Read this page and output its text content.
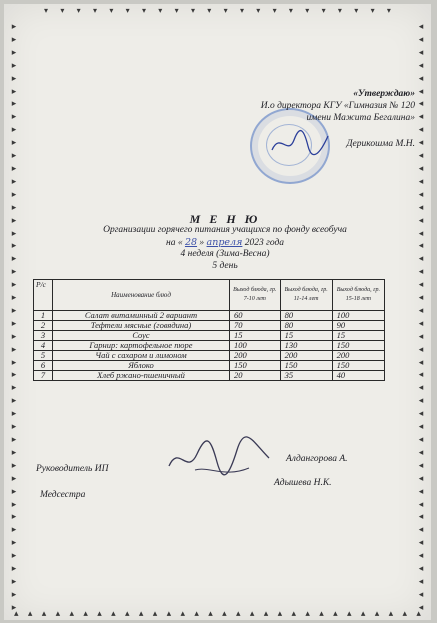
▾ ▾ ▾ ▾ ▾ ▾ ▾ ▾ ▾ ▾ ▾ ▾ ▾ ▾ ▾ ▾ ▾ ▾ ▾ ▾ ▾ ▾
▸
▸
▸
▸
▸
▸
▸
▸
▸
▸
▸
▸
▸
▸
▸
▸
▸
▸
▸
▸
▸
▸
▸
▸
▸
▸
▸
▸
▸
▸
▸
▸
▸
▸
▸
▸
▸
▸
▸
▸
▸
▸
▸
▸
▸
▸
◂
◂
◂
◂
◂
◂
◂
◂
◂
◂
◂
◂
◂
◂
◂
◂
◂
◂
◂
◂
◂
◂
◂
◂
◂
◂
◂
◂
◂
◂
◂
◂
◂
◂
◂
◂
◂
◂
◂
◂
◂
◂
◂
◂
◂
◂
▴ ▴ ▴ ▴ ▴ ▴ ▴ ▴ ▴ ▴ ▴ ▴ ▴ ▴ ▴ ▴ ▴ ▴ ▴ ▴ ▴ ▴ ▴ ▴ ▴ ▴ ▴ ▴ ▴ ▴
«Утверждаю»
И.о директора КГУ «Гимназия № 120
имени Мажита Бегалина»
Дерикошма М.Н.
М Е Н Ю
Организации горячего питания учащихся по фонду всеобуча
на « 28 » апреля 2023 года
4 неделя (Зима-Весна)
5 день
Р/с	Наименование блюд	Выход блюда, гр. 7-10 лет	Выход блюда, гр. 11-14 лет	Выход блюда, гр. 15-18 лет
1	Салат витаминный 2 вариант	60	80	100
2	Тефтели мясные (говядина)	70	80	90
3	Соус	15	15	15
4	Гарнир: картофельное пюре	100	130	150
5	Чай с сахаром и лимоном	200	200	200
6	Яблоко	150	150	150
7	Хлеб ржано-пшеничный	20	35	40
Руководитель ИП
Алдангорова А.
Медсестра
Адышева Н.К.
